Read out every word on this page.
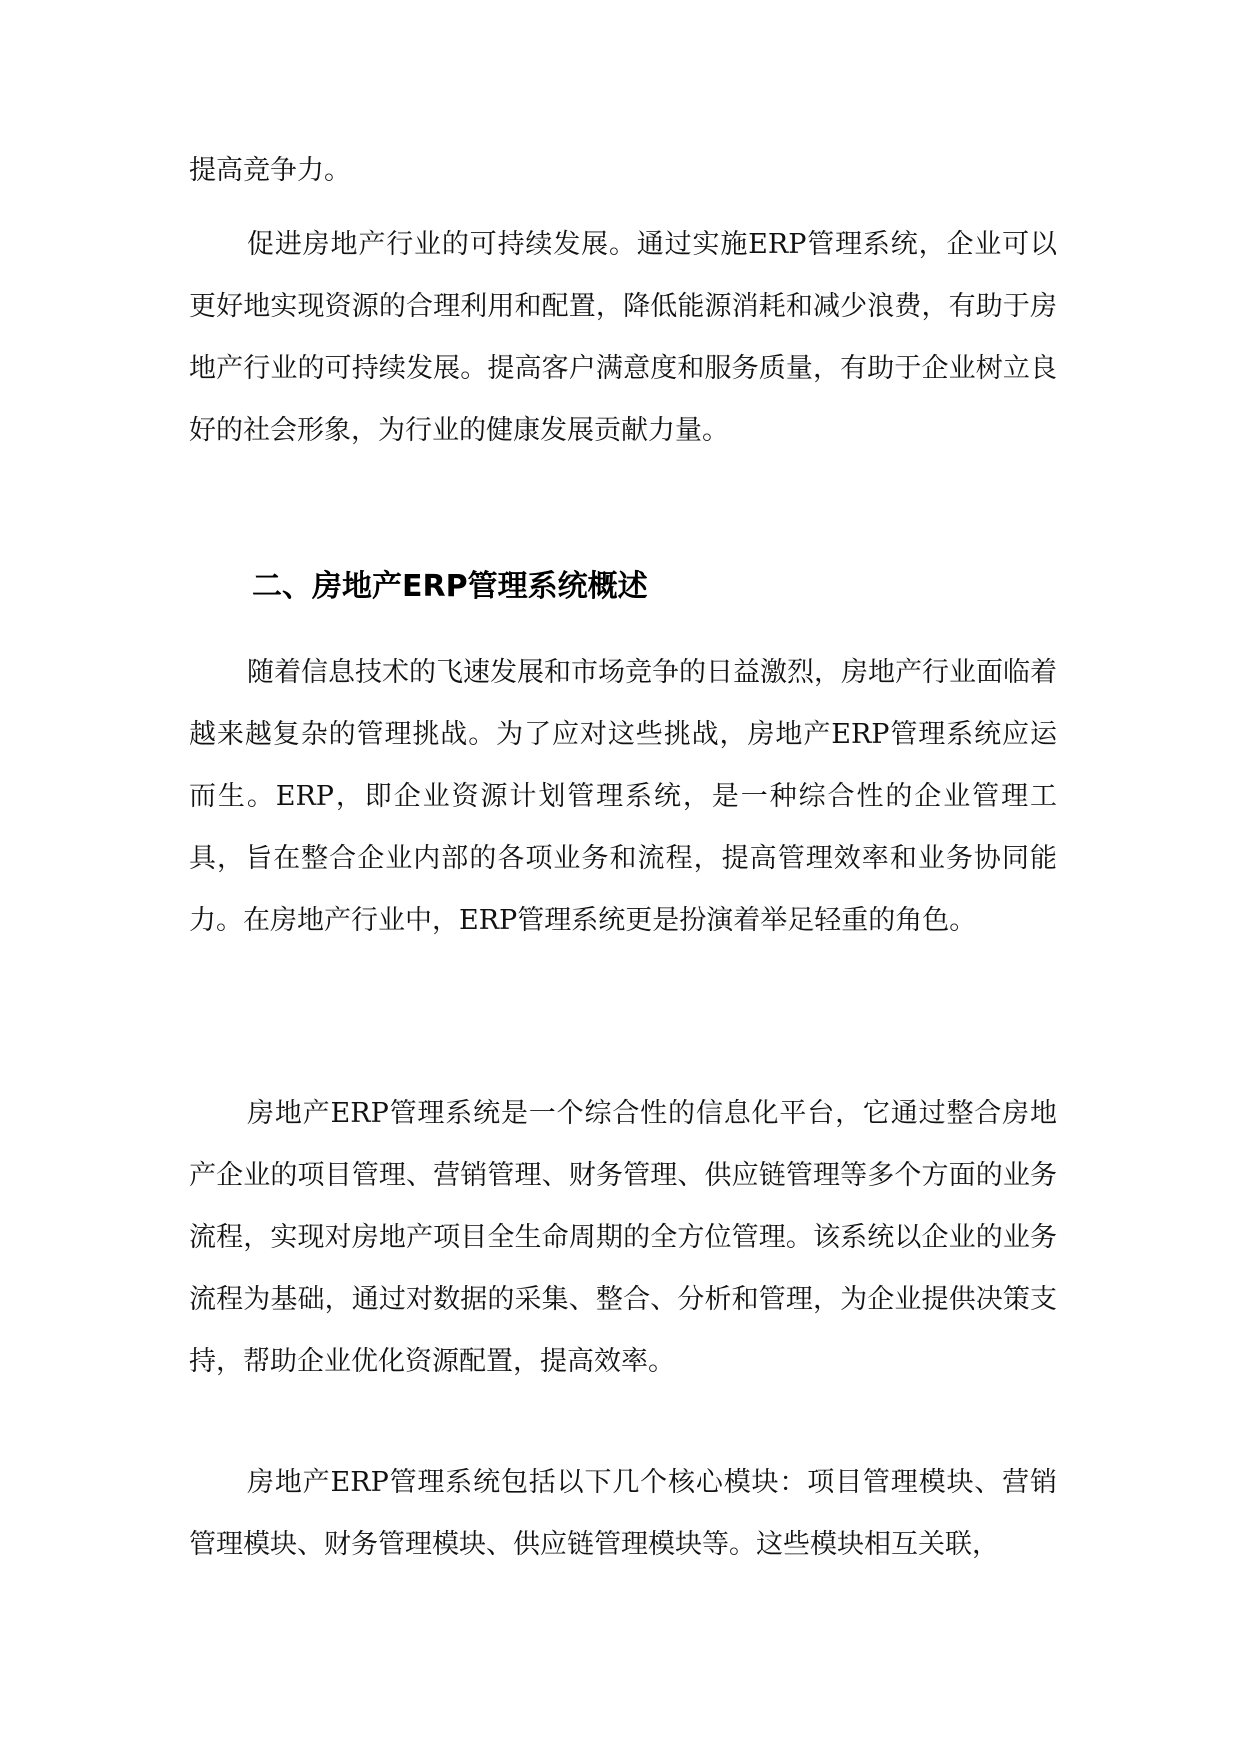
提高竞争力。

促进房地产行业的可持续发展。通过实施ERP管理系统，企业可以更好地实现资源的合理利用和配置，降低能源消耗和减少浪费，有助于房地产行业的可持续发展。提高客户满意度和服务质量，有助于企业树立良好的社会形象，为行业的健康发展贡献力量。

二、房地产ERP管理系统概述

随着信息技术的飞速发展和市场竞争的日益激烈，房地产行业面临着越来越复杂的管理挑战。为了应对这些挑战，房地产ERP管理系统应运而生。ERP，即企业资源计划管理系统，是一种综合性的企业管理工具，旨在整合企业内部的各项业务和流程，提高管理效率和业务协同能力。在房地产行业中，ERP管理系统更是扮演着举足轻重的角色。

房地产ERP管理系统是一个综合性的信息化平台，它通过整合房地产企业的项目管理、营销管理、财务管理、供应链管理等多个方面的业务流程，实现对房地产项目全生命周期的全方位管理。该系统以企业的业务流程为基础，通过对数据的采集、整合、分析和管理，为企业提供决策支持，帮助企业优化资源配置，提高效率。

房地产ERP管理系统包括以下几个核心模块：项目管理模块、营销管理模块、财务管理模块、供应链管理模块等。这些模块相互关联，
